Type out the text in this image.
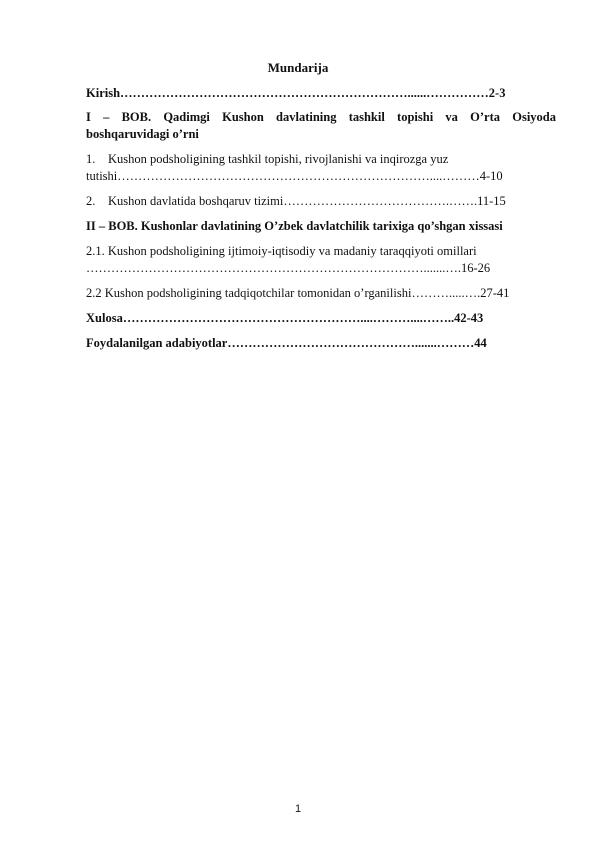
Mundarija
Kirish……………………………………………………………......……………2-3
I – BOB. Qadimgi Kushon davlatining tashkil topishi va O’rta Osiyoda
boshqaruvidagi o’rni
1. Kushon podsholigining tashkil topishi, rivojlanishi va inqirozga yuz
tutishi…………………………………………………………………....………4-10
2. Kushon davlatida boshqaruv tizimi………………………………….…….11-15
II – BOB. Kushonlar davlatining O’zbek davlatchilik tarixiga qo’shgan xissasi
2.1. Kushon podsholigining ijtimoiy-iqtisodiy va madaniy taraqqiyoti omillari
……………………………………………………………………….......….16-26
2.2 Kushon podsholigining tadqiqotchilar tomonidan o’rganilishi……….....….27-41
Xulosa…………………………………………………....………....……..42-43
Foydalanilgan adabiyotlar……………………………………….......………44
1
